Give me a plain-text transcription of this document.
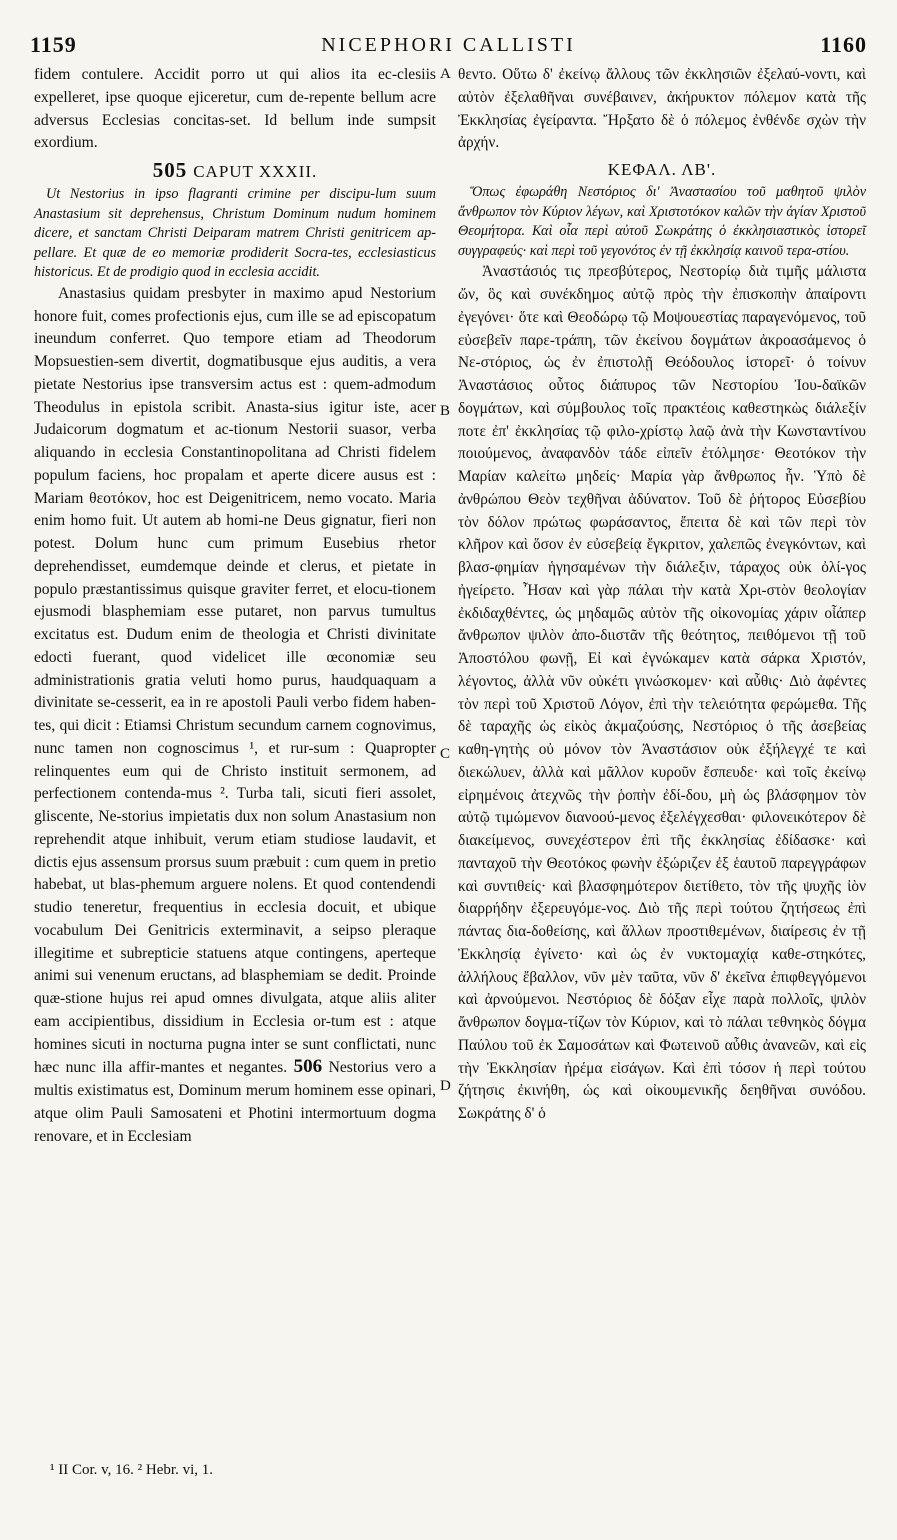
1159	NICEPHORI CALLISTI	1160

fidem contulere. Accidit porro ut qui alios ita ec-clesiis expelleret, ipse quoque ejiceretur, cum de-repente bellum acre adversus Ecclesias concitas-set. Id bellum inde sumpsit exordium.

505 CAPUT XXXII.

Ut Nestorius in ipso flagranti crimine per discipu-lum suum Anastasium sit deprehensus, Christum Dominum nudum hominem dicere, et sanctam Christi Deiparam matrem Christi genitricem ap-pellare. Et quæ de eo memoriæ prodiderit Socra-tes, ecclesiasticus historicus. Et de prodigio quod in ecclesia accidit.

Anastasius quidam presbyter in maximo apud Nestorium honore fuit, comes profectionis ejus, cum ille se ad episcopatum ineundum conferret. Quo tempore etiam ad Theodorum Mopsuestien-sem divertit, dogmatibusque ejus auditis, a vera pietate Nestorius ipse transversim actus est : quem-admodum Theodulus in epistola scribit. Anasta-sius igitur iste, acer Judaicorum dogmatum et ac-tionum Nestorii suasor, verba aliquando in ecclesia Constantinopolitana ad Christi fidelem populum faciens, hoc propalam et aperte dicere ausus est : Mariam θεοτόκον, hoc est Deigenitricem, nemo vocato. Maria enim homo fuit. Ut autem ab homi-ne Deus gignatur, fieri non potest. Dolum hunc cum primum Eusebius rhetor deprehendisset, eumdemque deinde et clerus, et pietate in populo præstantissimus quisque graviter ferret, et elocu-tionem ejusmodi blasphemiam esse putaret, non parvus tumultus excitatus est. Dudum enim de theologia et Christi divinitate edocti fuerant, quod videlicet ille œconomiæ seu administrationis gratia veluti homo purus, haudquaquam a divinitate se-cesserit, ea in re apostoli Pauli verbo fidem haben-tes, qui dicit : Etiamsi Christum secundum carnem cognovimus, nunc tamen non cognoscimus ¹, et rur-sum : Quapropter relinquentes eum qui de Christo instituit sermonem, ad perfectionem contenda-mus ². Turba tali, sicuti fieri assolet, gliscente, Ne-storius impietatis dux non solum Anastasium non reprehendit atque inhibuit, verum etiam studiose laudavit, et dictis ejus assensum prorsus suum præbuit : cum quem in pretio habebat, ut blas-phemum arguere nolens. Et quod contendendi studio teneretur, frequentius in ecclesia docuit, et ubique vocabulum Dei Genitricis exterminavit, a seipso pleraque illegitime et subrepticie statuens atque contingens, aperteque animi sui venenum eructans, ad blasphemiam se dedit. Proinde quæ-stione hujus rei apud omnes divulgata, atque aliis aliter eam accipientibus, dissidium in Ecclesia or-tum est : atque homines sicuti in nocturna pugna inter se sunt conflictati, nunc hæc nunc illa affir-mantes et negantes. 506 Nestorius vero a multis existimatus est, Dominum merum hominem esse opinari, atque olim Pauli Samosateni et Photini intermortuum dogma renovare, et in Ecclesiam

A
B
C
D

θεντο. Οὕτω δ' ἐκείνῳ ἄλλους τῶν ἐκκλησιῶν ἐξελαύ-νοντι, καὶ αὐτὸν ἐξελαθῆναι συνέβαινεν, ἀκήρυκτον πόλεμον κατὰ τῆς Ἐκκλησίας ἐγείραντα. Ἤρξατο δὲ ὁ πόλεμος ἐνθένδε σχὼν τὴν ἀρχήν.

ΚΕΦΑΛ. ΛΒ'.

Ὅπως ἐφωράθη Νεστόριος δι' Ἀναστασίου τοῦ μαθητοῦ ψιλὸν ἄνθρωπον τὸν Κύριον λέγων, καὶ Χριστοτόκον καλῶν τὴν ἁγίαν Χριστοῦ Θεομήτορα. Καὶ οἷα περὶ αὐτοῦ Σωκράτης ὁ ἐκκλησιαστικὸς ἱστορεῖ συγγραφεύς· καὶ περὶ τοῦ γεγονότος ἐν τῇ ἐκκλησίᾳ καινοῦ τερα-στίου.

Ἀναστάσιός τις πρεσβύτερος, Νεστορίῳ διὰ τιμῆς μάλιστα ὤν, ὃς καὶ συνέκδημος αὐτῷ πρὸς τὴν ἐπισκοπὴν ἀπαίροντι ἐγεγόνει· ὅτε καὶ Θεοδώρῳ τῷ Μοψουεστίας παραγενόμενος, τοῦ εὐσεβεῖν παρε-τράπη, τῶν ἐκείνου δογμάτων ἀκροασάμενος ὁ Νε-στόριος, ὡς ἐν ἐπιστολῇ Θεόδουλος ἱστορεῖ· ὁ τοίνυν Ἀναστάσιος οὗτος διάπυρος τῶν Νεστορίου Ἰου-δαϊκῶν δογμάτων, καὶ σύμβουλος τοῖς πρακτέοις καθεστηκὼς διάλεξίν ποτε ἐπ' ἐκκλησίας τῷ φιλο-χρίστῳ λαῷ ἀνὰ τὴν Κωνσταντίνου ποιούμενος, ἀναφανδὸν τάδε εἰπεῖν ἐτόλμησε· Θεοτόκον τὴν Μαρίαν καλείτω μηδείς· Μαρία γὰρ ἄνθρωπος ἦν. Ὑπὸ δὲ ἀνθρώπου Θεὸν τεχθῆναι ἀδύνατον. Τοῦ δὲ ῥήτορος Εὐσεβίου τὸν δόλον πρώτως φωράσαντος, ἔπειτα δὲ καὶ τῶν περὶ τὸν κλῆρον καὶ ὅσον ἐν εὐσεβείᾳ ἔγκριτον, χαλεπῶς ἐνεγκόντων, καὶ βλασ-φημίαν ἡγησαμένων τὴν διάλεξιν, τάραχος οὐκ ὀλί-γος ἠγείρετο. Ἦσαν καὶ γὰρ πάλαι τὴν κατὰ Χρι-στὸν θεολογίαν ἐκδιδαχθέντες, ὡς μηδαμῶς αὐτὸν τῆς οἰκονομίας χάριν οἷάπερ ἄνθρωπον ψιλὸν ἀπο-διιστᾶν τῆς θεότητος, πειθόμενοι τῇ τοῦ Ἀποστόλου φωνῇ, Εἰ καὶ ἐγνώκαμεν κατὰ σάρκα Χριστόν, λέγοντος, ἀλλὰ νῦν οὐκέτι γινώσκομεν· καὶ αὖθις· Διὸ ἀφέντες τὸν περὶ τοῦ Χριστοῦ Λόγον, ἐπὶ τὴν τελειότητα φερώμεθα. Τῆς δὲ ταραχῆς ὡς εἰκὸς ἀκμαζούσης, Νεστόριος ὁ τῆς ἀσεβείας καθη-γητὴς οὐ μόνον τὸν Ἀναστάσιον οὐκ ἐξήλεγχέ τε καὶ διεκώλυεν, ἀλλὰ καὶ μᾶλλον κυροῦν ἔσπευδε· καὶ τοῖς ἐκείνῳ εἰρημένοις ἀτεχνῶς τὴν ῥοπὴν ἐδί-δου, μὴ ὡς βλάσφημον τὸν αὐτῷ τιμώμενον διανοού-μενος ἐξελέγχεσθαι· φιλονεικότερον δὲ διακείμενος, συνεχέστερον ἐπὶ τῆς ἐκκλησίας ἐδίδασκε· καὶ πανταχοῦ τὴν Θεοτόκος φωνὴν ἐξώριζεν ἐξ ἑαυτοῦ παρεγγράφων καὶ συντιθείς· καὶ βλασφημότερον διετίθετο, τὸν τῆς ψυχῆς ἰὸν διαρρήδην ἐξερευγόμε-νος. Διὸ τῆς περὶ τούτου ζητήσεως ἐπὶ πάντας δια-δοθείσης, καὶ ἄλλων προστιθεμένων, διαίρεσις ἐν τῇ Ἐκκλησίᾳ ἐγίνετο· καὶ ὡς ἐν νυκτομαχίᾳ καθε-στηκότες, ἀλλήλους ἔβαλλον, νῦν μὲν ταῦτα, νῦν δ' ἐκεῖνα ἐπιφθεγγόμενοι καὶ ἀρνούμενοι. Νεστόριος δὲ δόξαν εἶχε παρὰ πολλοῖς, ψιλὸν ἄνθρωπον δογμα-τίζων τὸν Κύριον, καὶ τὸ πάλαι τεθνηκὸς δόγμα Παύλου τοῦ ἐκ Σαμοσάτων καὶ Φωτεινοῦ αὖθις ἀνανεῶν, καὶ εἰς τὴν Ἐκκλησίαν ἠρέμα εἰσάγων. Καὶ ἐπὶ τόσον ἡ περὶ τούτου ζήτησις ἐκινήθη, ὡς καὶ οἰκουμενικῆς δεηθῆναι συνόδου. Σωκράτης δ' ὁ

¹ II Cor. v, 16. ² Hebr. vi, 1.
